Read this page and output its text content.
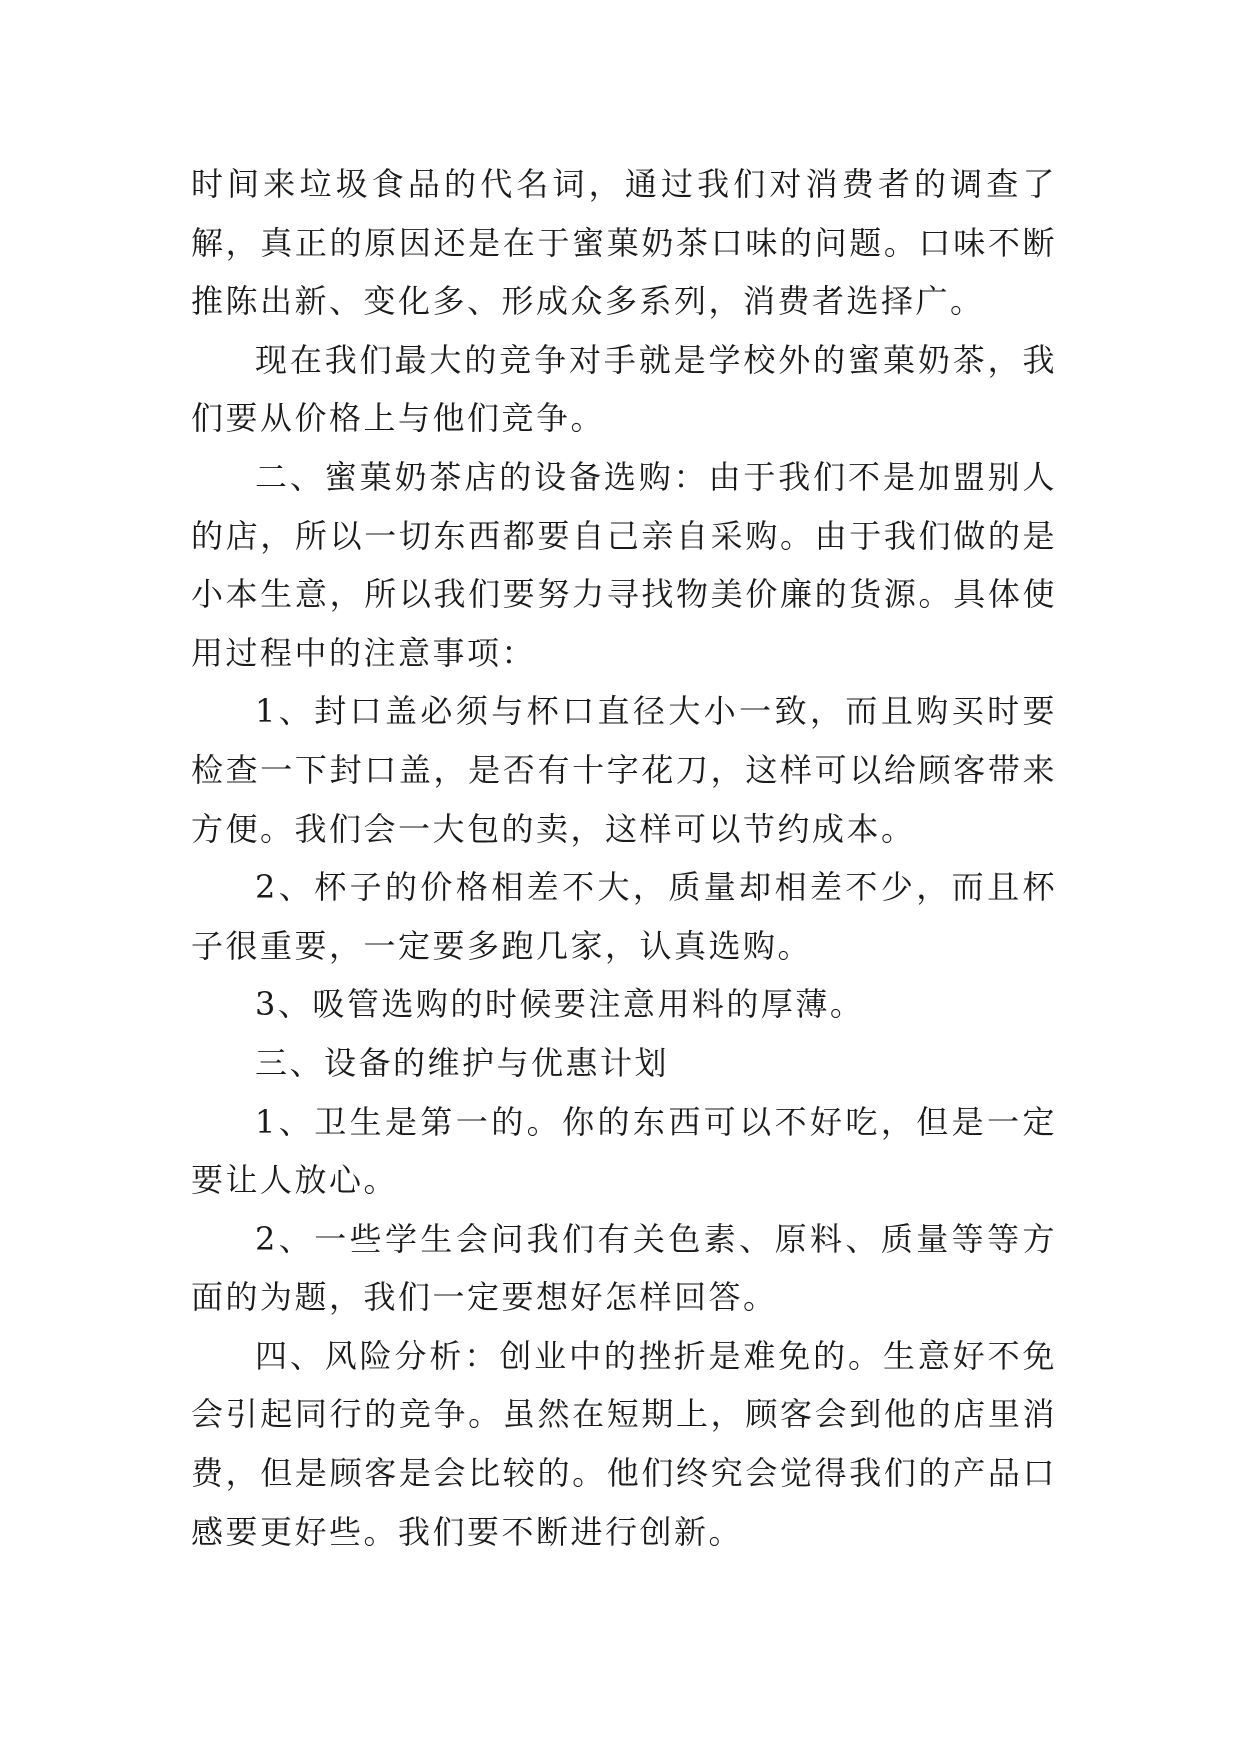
时间来垃圾食品的代名词，通过我们对消费者的调查了解，真正的原因还是在于蜜菓奶茶口味的问题。口味不断推陈出新、变化多、形成众多系列，消费者选择广。

现在我们最大的竞争对手就是学校外的蜜菓奶茶，我们要从价格上与他们竞争。

二、蜜菓奶茶店的设备选购：由于我们不是加盟别人的店，所以一切东西都要自己亲自采购。由于我们做的是小本生意，所以我们要努力寻找物美价廉的货源。具体使用过程中的注意事项：

1、封口盖必须与杯口直径大小一致，而且购买时要检查一下封口盖，是否有十字花刀，这样可以给顾客带来方便。我们会一大包的卖，这样可以节约成本。

2、杯子的价格相差不大，质量却相差不少，而且杯子很重要，一定要多跑几家，认真选购。

3、吸管选购的时候要注意用料的厚薄。

三、设备的维护与优惠计划

1、卫生是第一的。你的东西可以不好吃，但是一定要让人放心。

2、一些学生会问我们有关色素、原料、质量等等方面的为题，我们一定要想好怎样回答。

四、风险分析：创业中的挫折是难免的。生意好不免会引起同行的竞争。虽然在短期上，顾客会到他的店里消费，但是顾客是会比较的。他们终究会觉得我们的产品口感要更好些。我们要不断进行创新。
